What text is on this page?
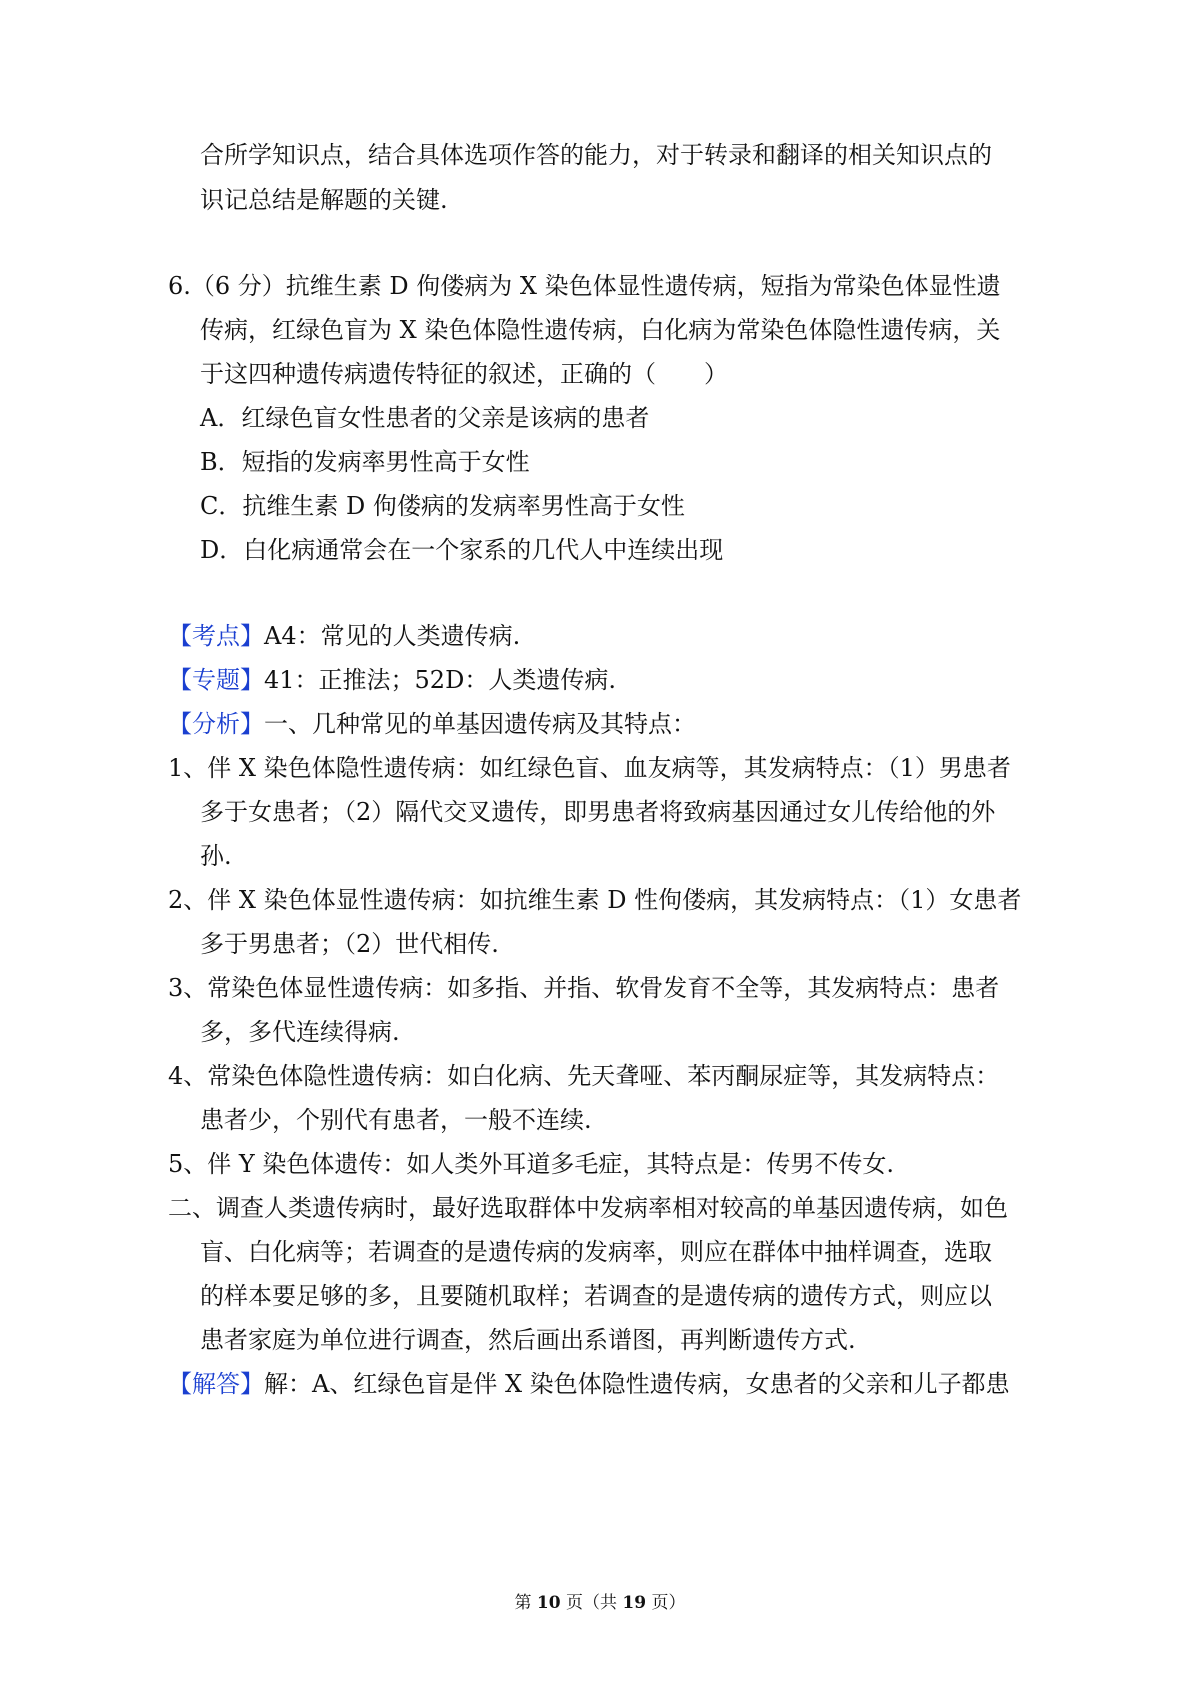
合所学知识点，结合具体选项作答的能力，对于转录和翻译的相关知识点的
识记总结是解题的关键.
6.（6 分）抗维生素 D 佝偻病为 X 染色体显性遗传病，短指为常染色体显性遗
传病，红绿色盲为 X 染色体隐性遗传病，白化病为常染色体隐性遗传病，关
于这四种遗传病遗传特征的叙述，正确的（　　）
A．红绿色盲女性患者的父亲是该病的患者
B．短指的发病率男性高于女性
C．抗维生素 D 佝偻病的发病率男性高于女性
D．白化病通常会在一个家系的几代人中连续出现
【考点】A4：常见的人类遗传病.
【专题】41：正推法；52D：人类遗传病.
【分析】一、几种常见的单基因遗传病及其特点：
1、伴 X 染色体隐性遗传病：如红绿色盲、血友病等，其发病特点：（1）男患者
多于女患者；（2）隔代交叉遗传，即男患者将致病基因通过女儿传给他的外
孙.
2、伴 X 染色体显性遗传病：如抗维生素 D 性佝偻病，其发病特点：（1）女患者
多于男患者；（2）世代相传.
3、常染色体显性遗传病：如多指、并指、软骨发育不全等，其发病特点：患者
多，多代连续得病.
4、常染色体隐性遗传病：如白化病、先天聋哑、苯丙酮尿症等，其发病特点：
患者少，个别代有患者，一般不连续.
5、伴 Y 染色体遗传：如人类外耳道多毛症，其特点是：传男不传女.
二、调查人类遗传病时，最好选取群体中发病率相对较高的单基因遗传病，如色
盲、白化病等；若调查的是遗传病的发病率，则应在群体中抽样调查，选取
的样本要足够的多，且要随机取样；若调查的是遗传病的遗传方式，则应以
患者家庭为单位进行调查，然后画出系谱图，再判断遗传方式.
【解答】解：A、红绿色盲是伴 X 染色体隐性遗传病，女患者的父亲和儿子都患
第 10 页（共 19 页）
